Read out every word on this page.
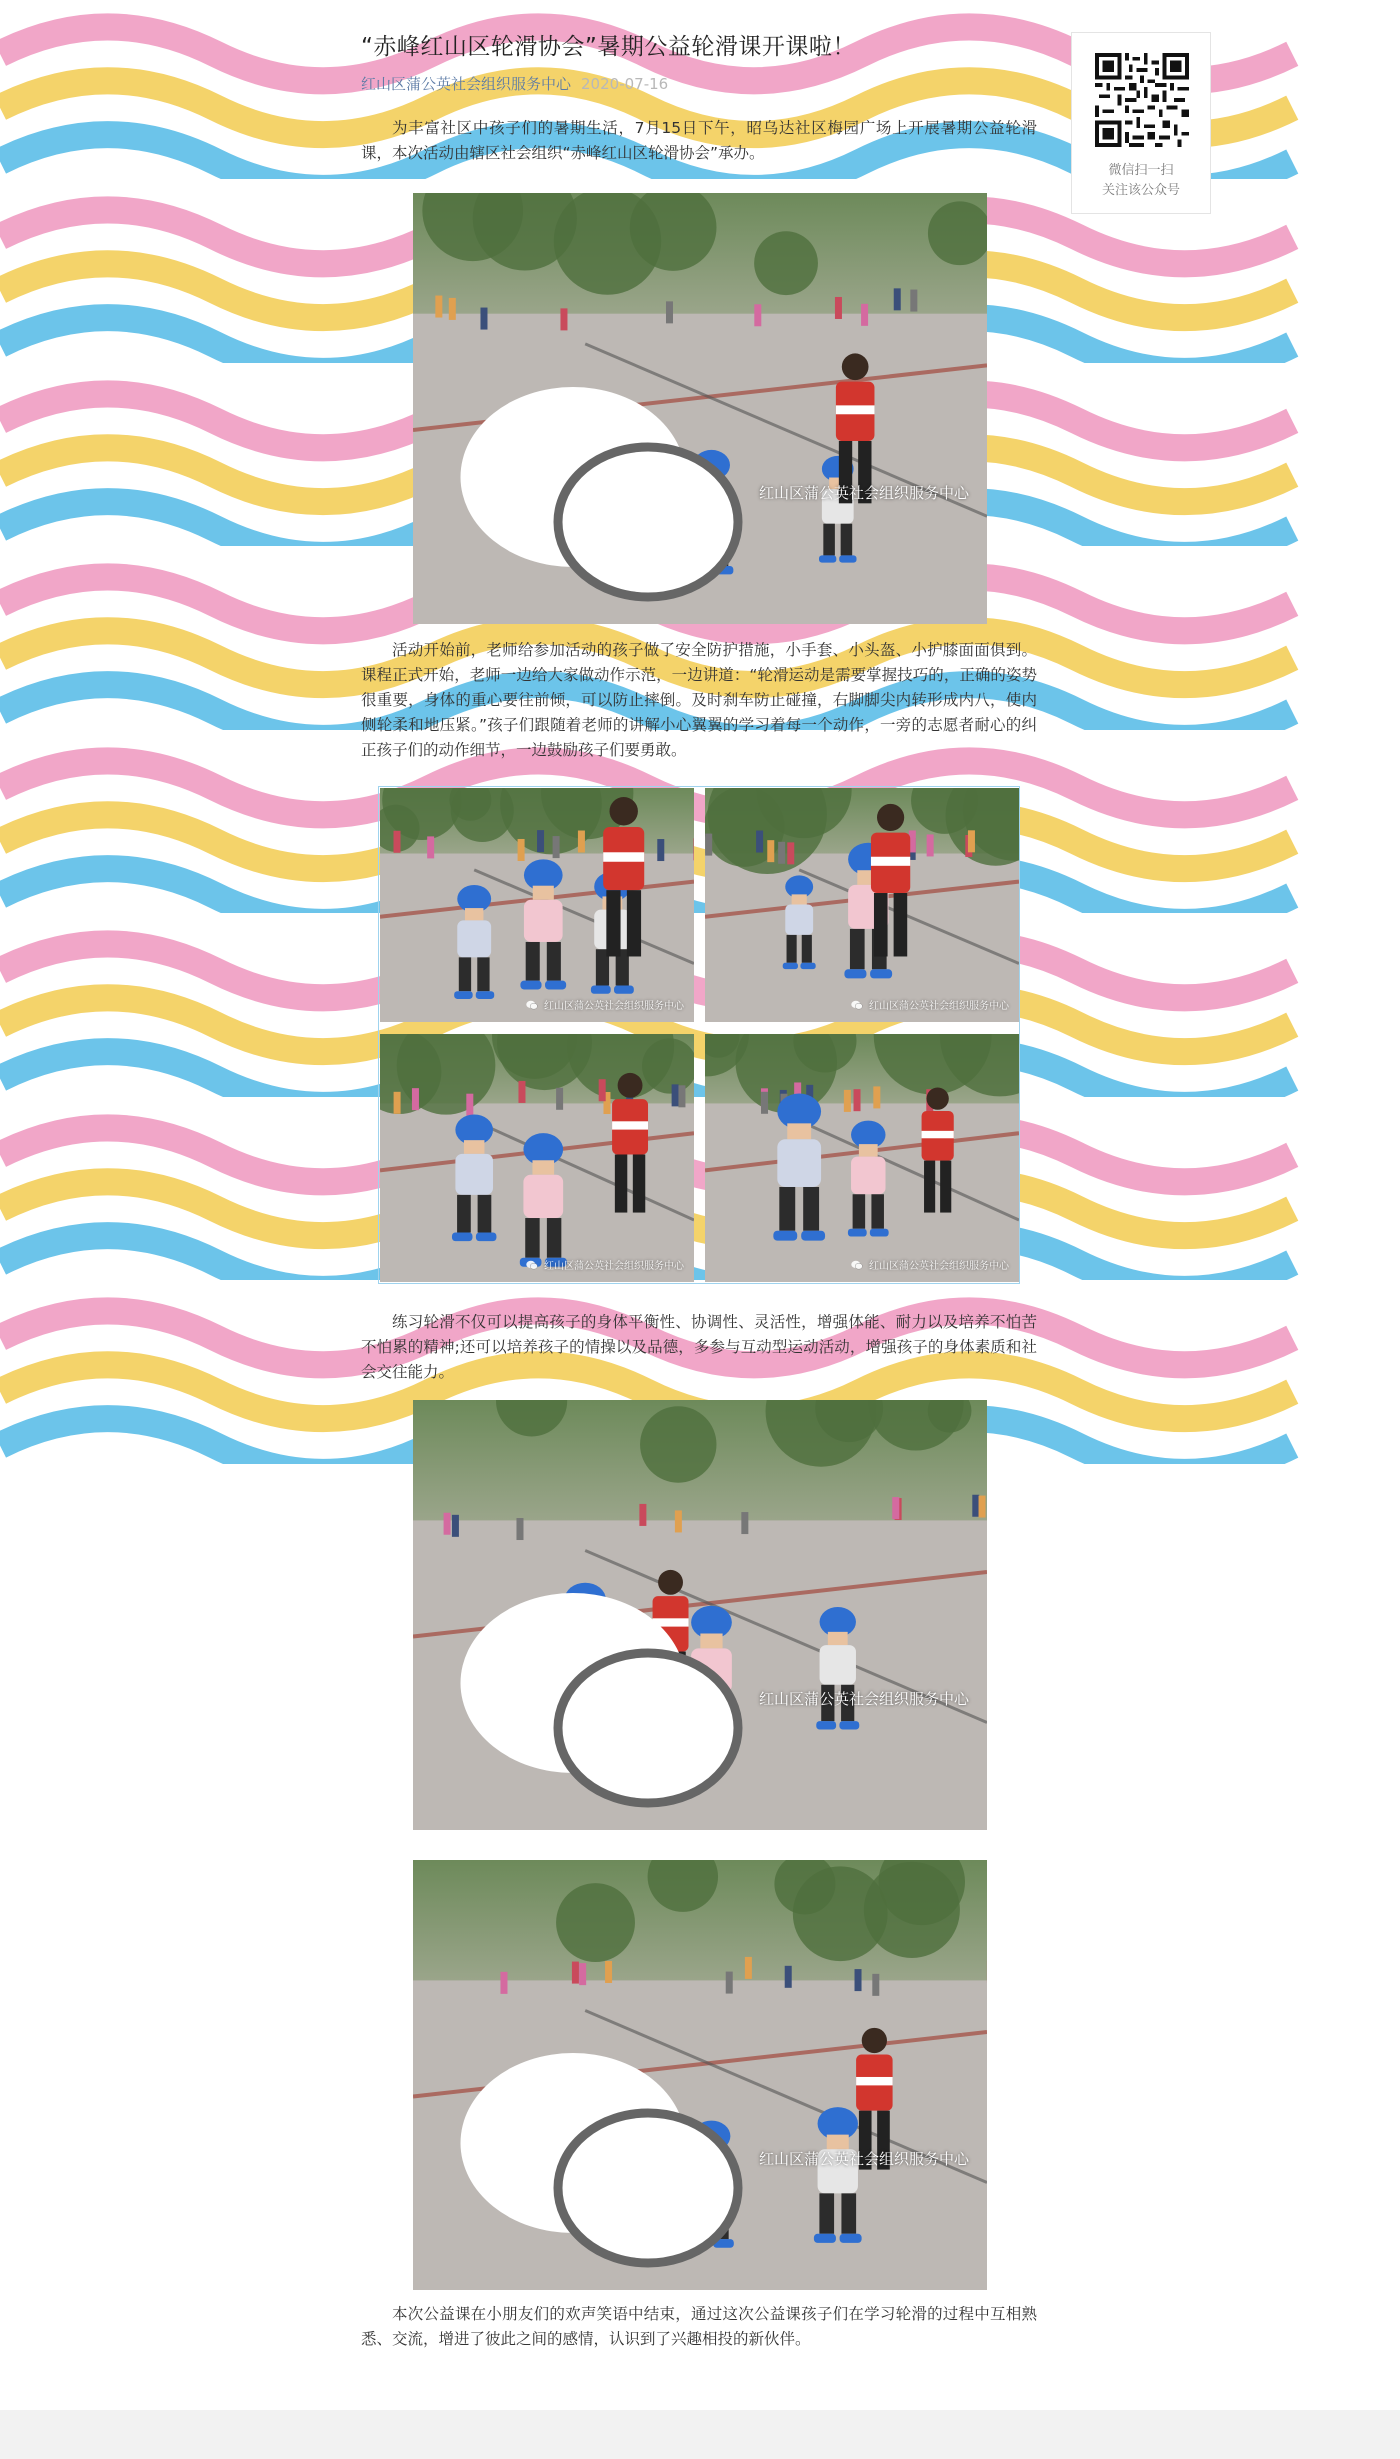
“赤峰红山区轮滑协会”暑期公益轮滑课开课啦！
红山区蒲公英社会组织服务中心 2020-07-16

为丰富社区中孩子们的暑期生活，7月15日下午，昭乌达社区梅园广场上开展暑期公益轮滑课，本次活动由辖区社会组织“赤峰红山区轮滑协会”承办。

活动开始前，老师给参加活动的孩子做了安全防护措施，小手套、小头盔、小护膝面面俱到。课程正式开始，老师一边给大家做动作示范，一边讲道：“轮滑运动是需要掌握技巧的，正确的姿势很重要，身体的重心要往前倾，可以防止摔倒。及时刹车防止碰撞，右脚脚尖内转形成内八，使内侧轮柔和地压紧。”孩子们跟随着老师的讲解小心翼翼的学习着每一个动作，一旁的志愿者耐心的纠正孩子们的动作细节，一边鼓励孩子们要勇敢。

练习轮滑不仅可以提高孩子的身体平衡性、协调性、灵活性，增强体能、耐力以及培养不怕苦不怕累的精神;还可以培养孩子的情操以及品德，多参与互动型运动活动，增强孩子的身体素质和社会交往能力。

本次公益课在小朋友们的欢声笑语中结束，通过这次公益课孩子们在学习轮滑的过程中互相熟悉、交流，增进了彼此之间的感情，认识到了兴趣相投的新伙伴。

微信扫一扫
关注该公众号
红山区蒲公英社会组织服务中心
红山区蒲公英社会组织服务中心	红山区蒲公英社会组织服务中心
红山区蒲公英社会组织服务中心	红山区蒲公英社会组织服务中心
红山区蒲公英社会组织服务中心
红山区蒲公英社会组织服务中心
